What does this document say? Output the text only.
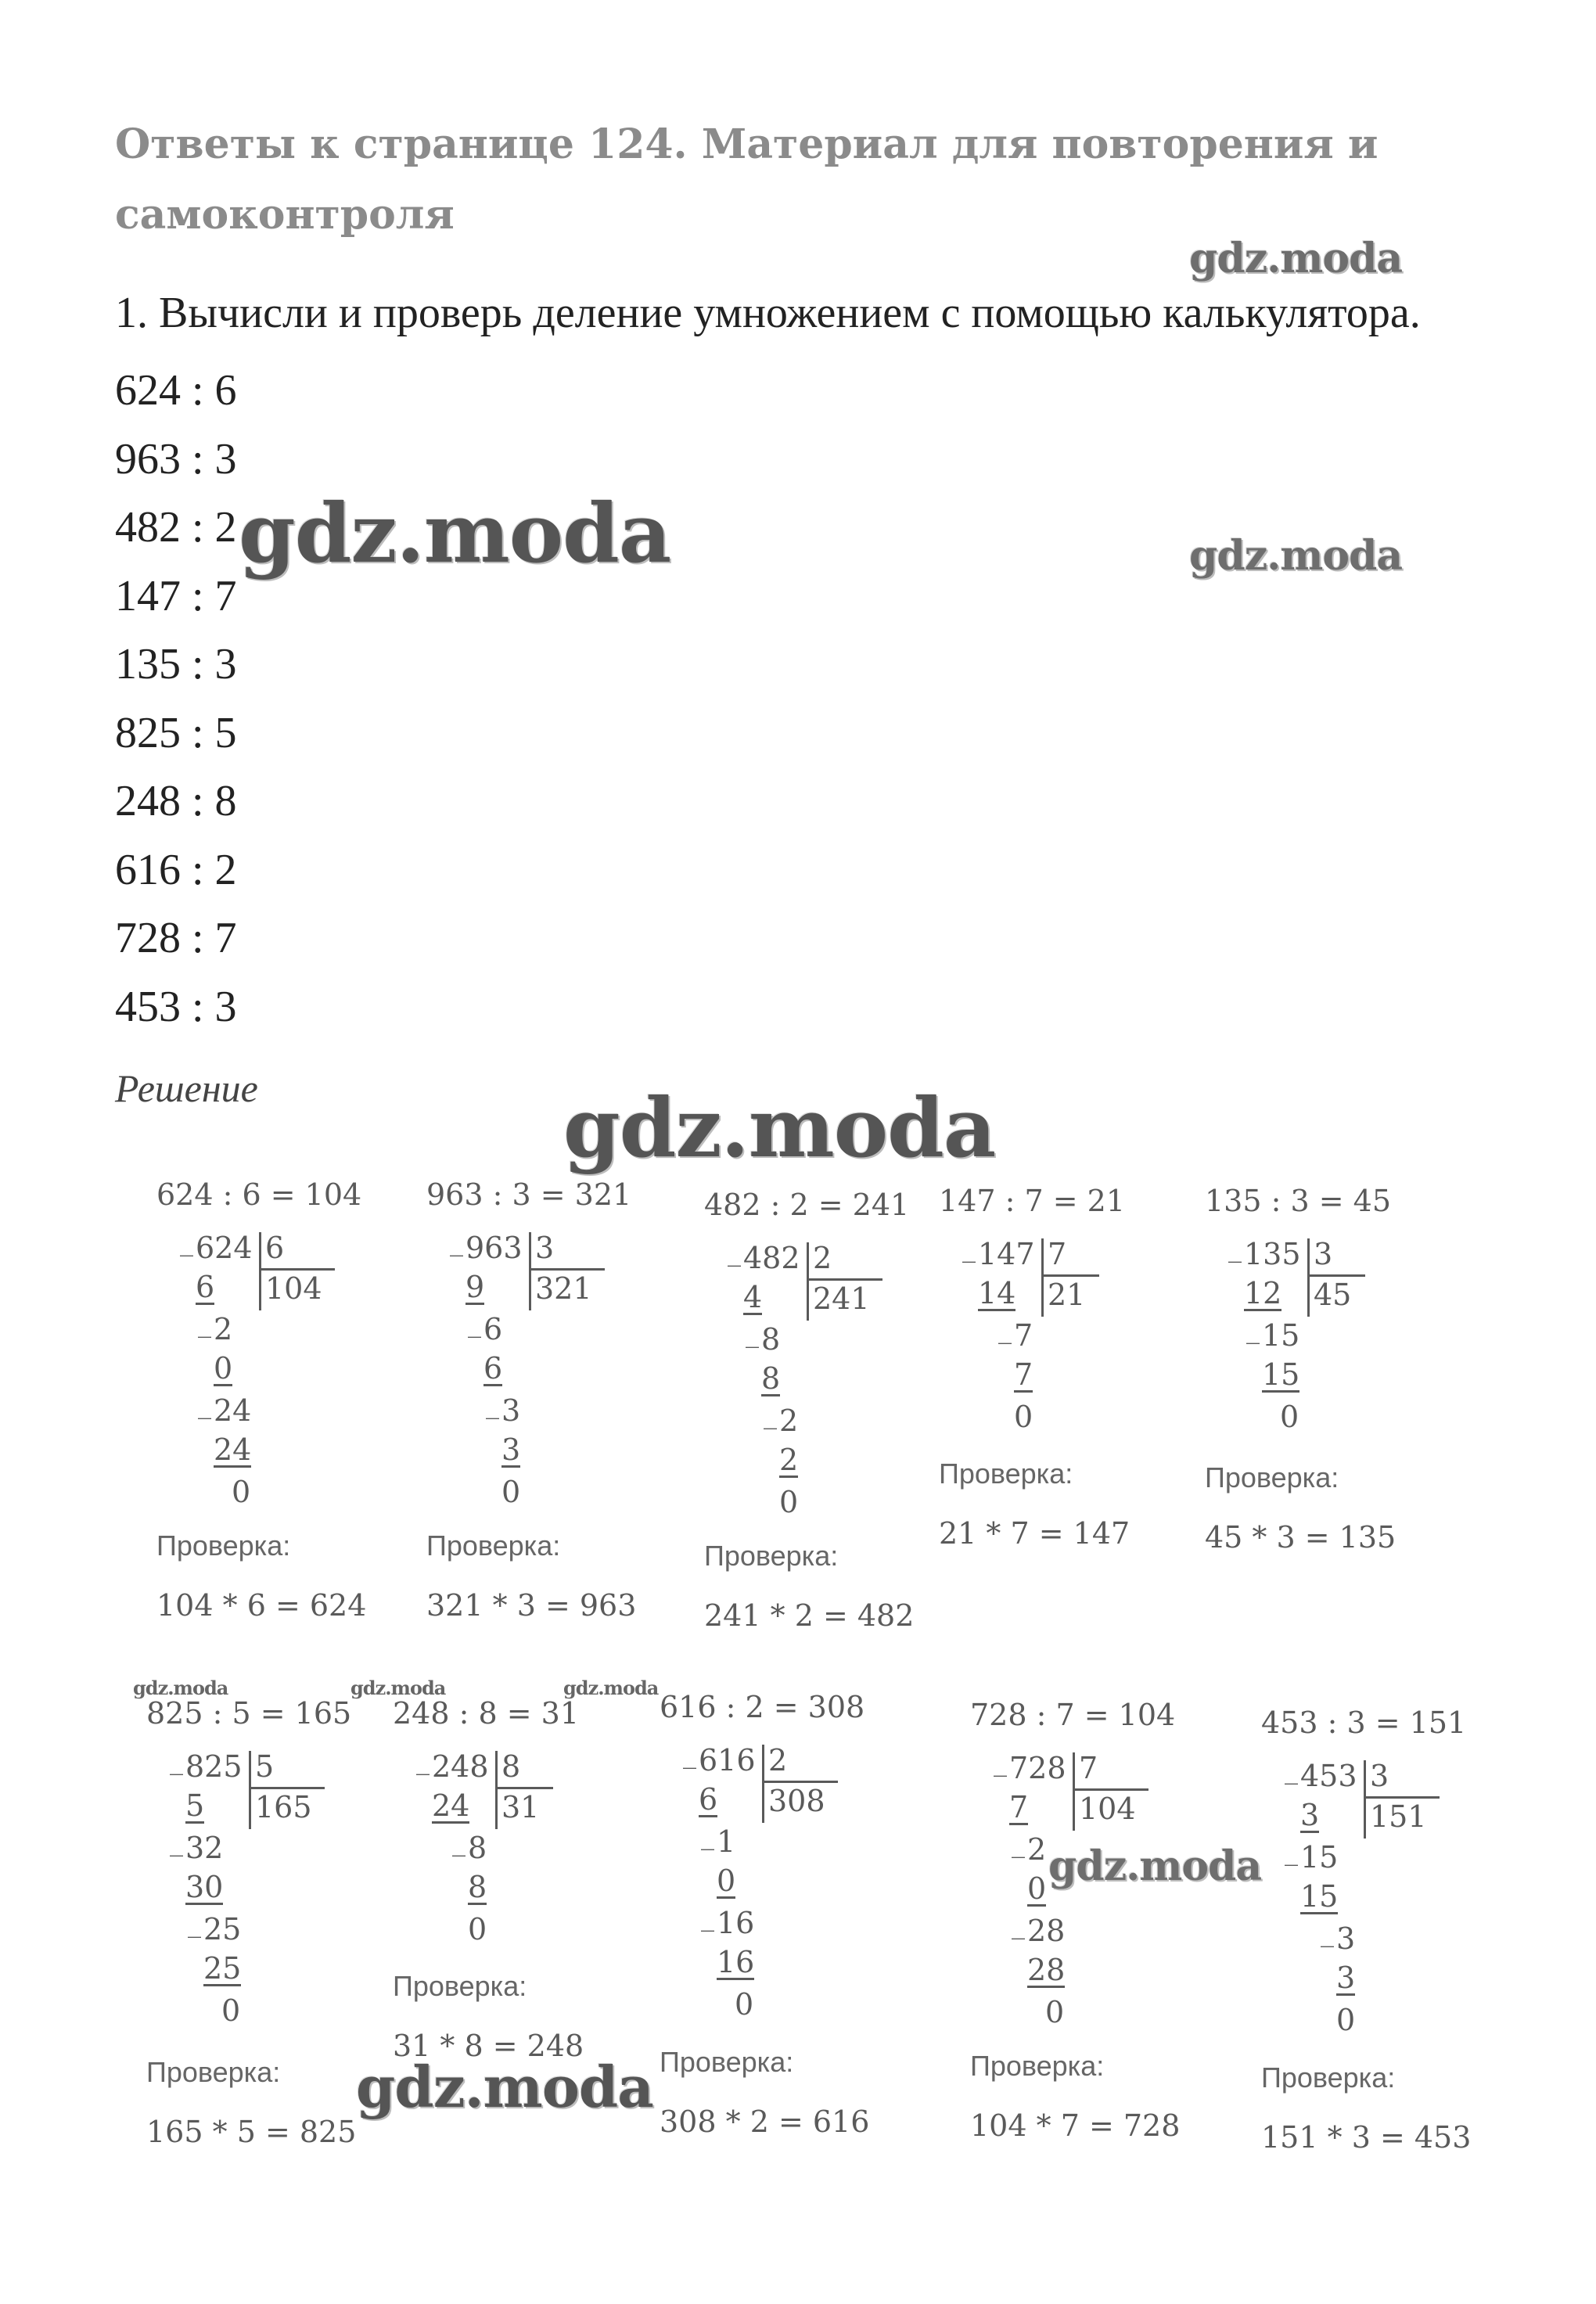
Ответы к странице 124. Материал для повторения и самоконтроля
1. Вычисли и проверь деление умножением с помощью калькулятора.
624 : 6
963 : 3
482 : 2
147 : 7
135 : 3
825 : 5
248 : 8
616 : 2
728 : 7
453 : 3
Решение
gdz.moda
gdz.moda	gdz.moda
gdz.moda
gdz.moda	gdz.moda	gdz.moda
gdz.moda
gdz.moda
624 : 6 = 104
624
_
6
2
_
0
24
_
24
0
6
104
Проверка:
104 * 6 = 624
963 : 3 = 321
963
_
9
6
_
6
3
_
3
0
3
321
Проверка:
321 * 3 = 963
482 : 2 = 241
482
_
4
8
_
8
2
_
2
0
2
241
Проверка:
241 * 2 = 482
147 : 7 = 21
147
_
14
7
_
7
0
7
21
Проверка:
21 * 7 = 147
135 : 3 = 45
135
_
12
15
_
15
0
3
45
Проверка:
45 * 3 = 135
825 : 5 = 165
825
_
5
32
_
30
25
_
25
0
5
165
Проверка:
165 * 5 = 825
248 : 8 = 31
248
_
24
8
_
8
0
8
31
Проверка:
31 * 8 = 248
616 : 2 = 308
616
_
6
1
_
0
16
_
16
0
2
308
Проверка:
308 * 2 = 616
728 : 7 = 104
728
_
7
2
_
0
28
_
28
0
7
104
Проверка:
104 * 7 = 728
453 : 3 = 151
453
_
3
15
_
15
3
_
3
0
3
151
Проверка:
151 * 3 = 453
